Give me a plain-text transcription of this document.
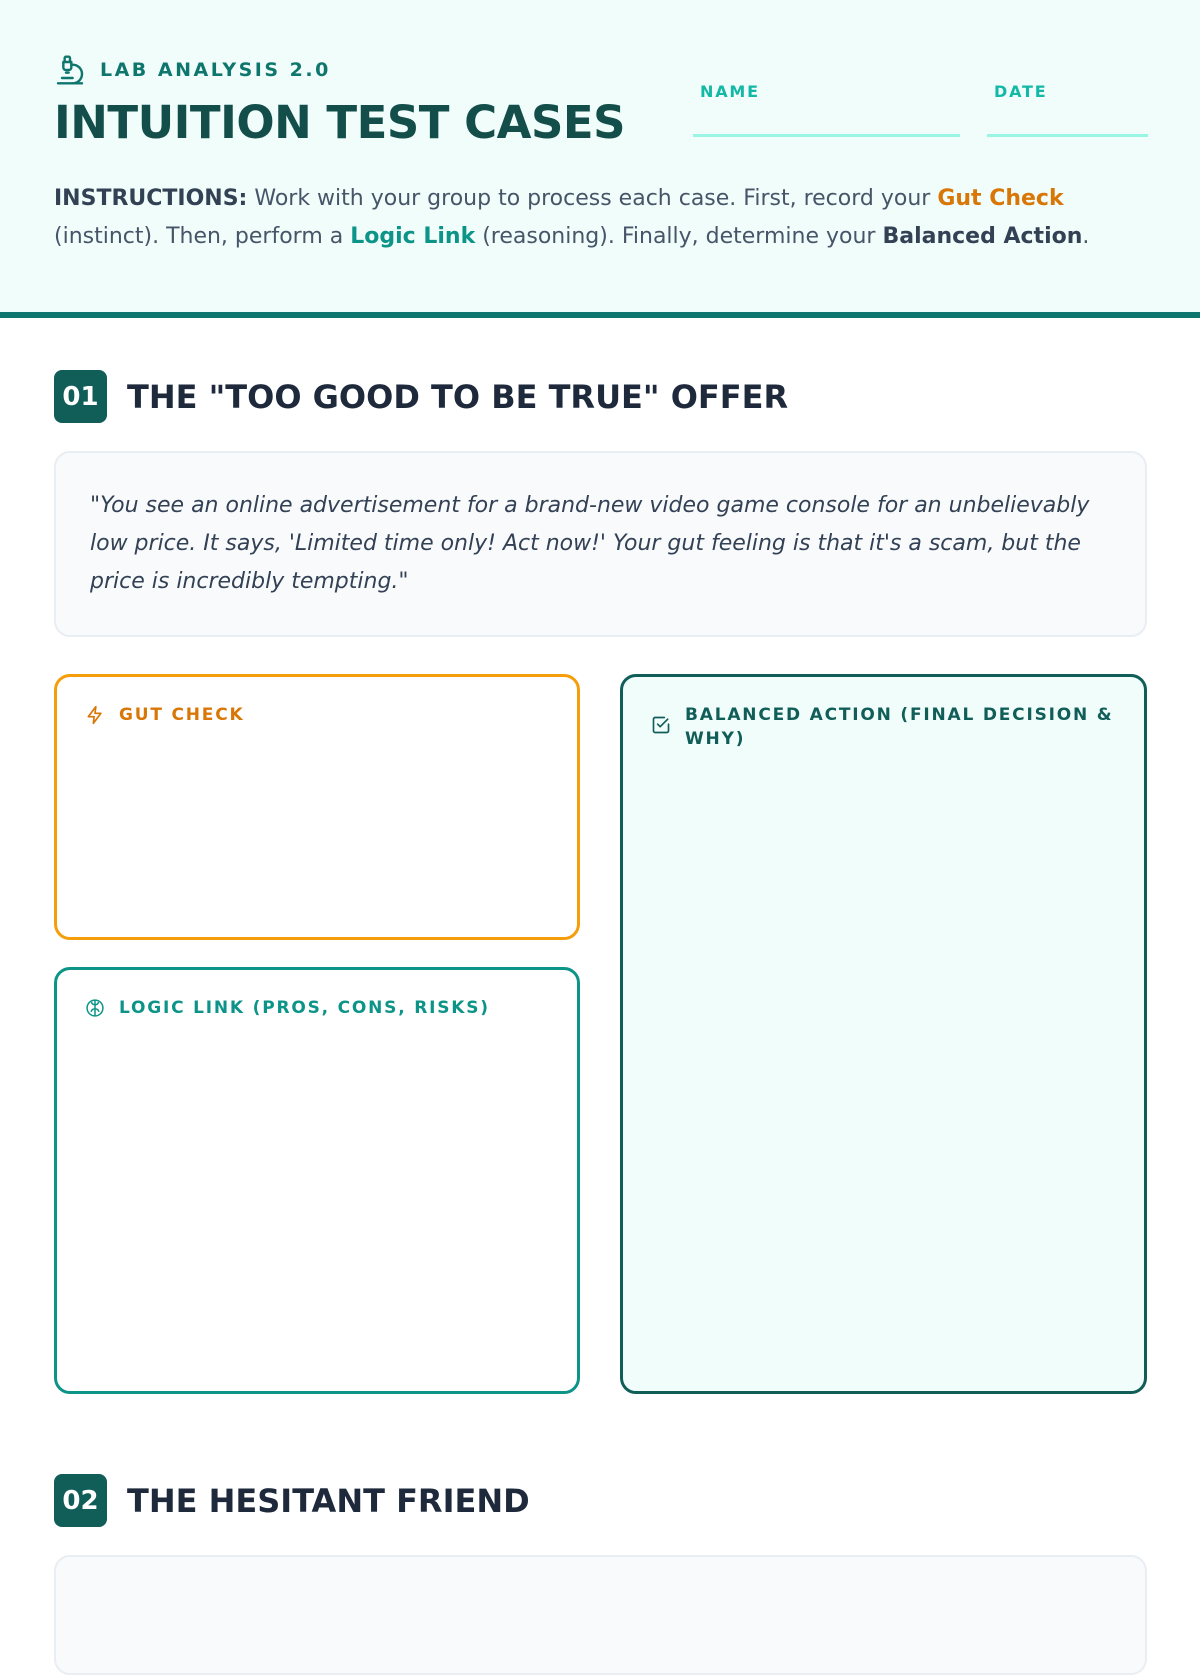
LAB ANALYSIS 2.0
INTUITION TEST CASES
NAME	DATE

INSTRUCTIONS: Work with your group to process each case. First, record your Gut Check (instinct). Then, perform a Logic Link (reasoning). Finally, determine your Balanced Action.

01 THE "TOO GOOD TO BE TRUE" OFFER
"You see an online advertisement for a brand-new video game console for an unbelievably low price. It says, 'Limited time only! Act now!' Your gut feeling is that it's a scam, but the price is incredibly tempting."
GUT CHECK
LOGIC LINK (PROS, CONS, RISKS)
BALANCED ACTION (FINAL DECISION & WHY)
02 THE HESITANT FRIEND
